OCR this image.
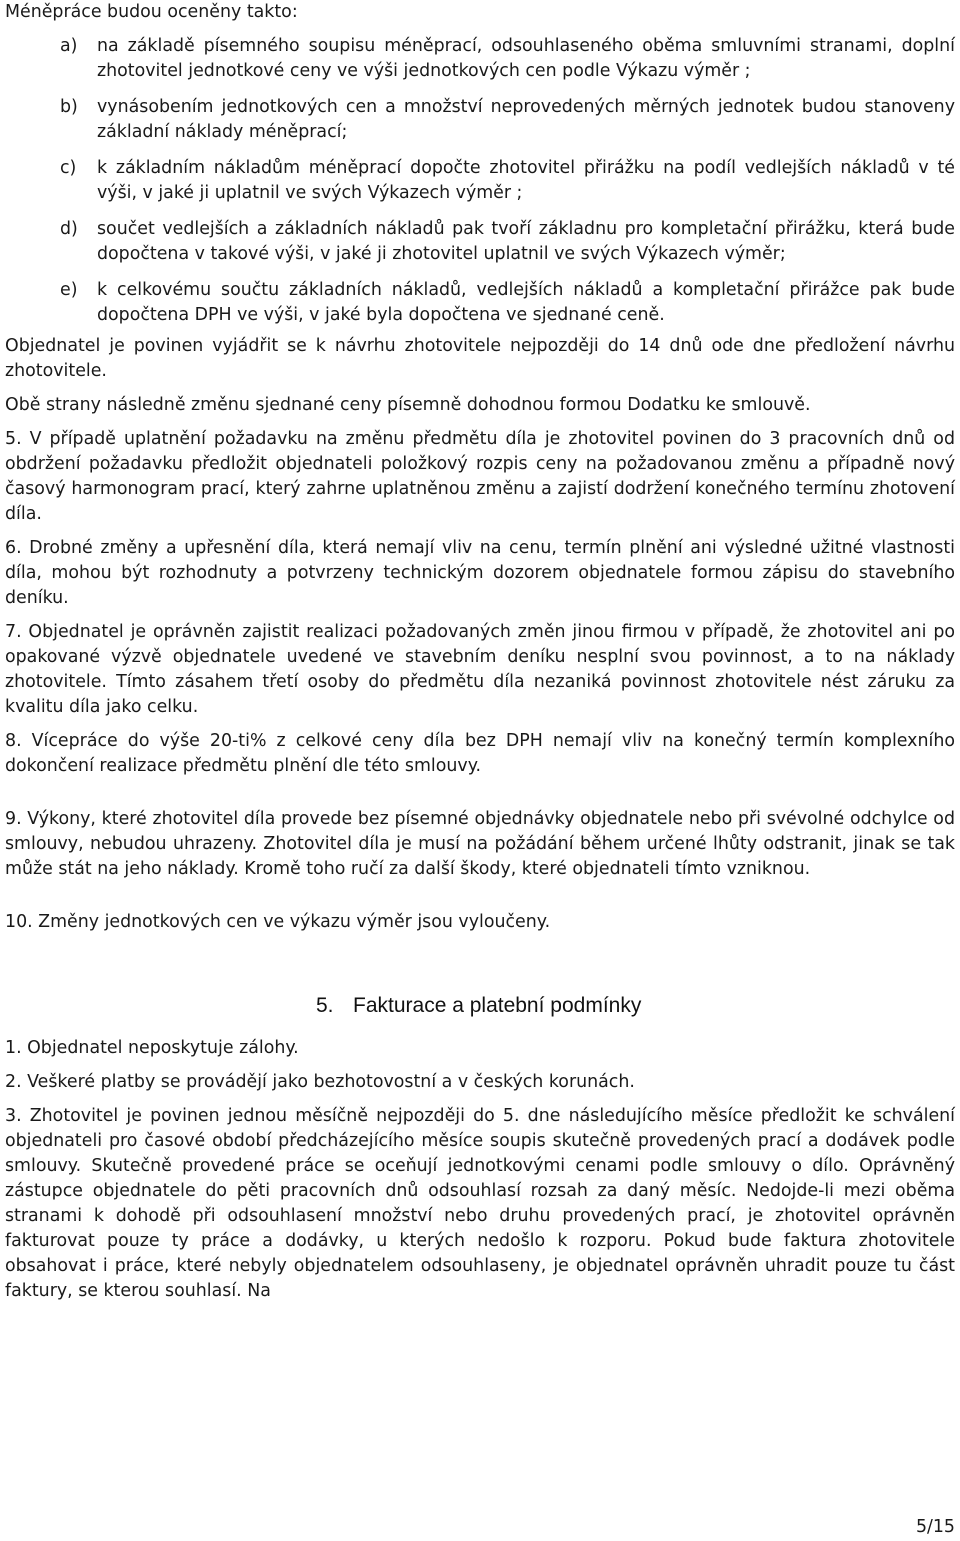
Méněpráce budou oceněny takto:

a)	na základě písemného soupisu méněprací, odsouhlaseného oběma smluvními stranami, doplní zhotovitel jednotkové ceny ve výši jednotkových cen podle Výkazu výměr ;
b)	vynásobením jednotkových cen a množství neprovedených měrných jednotek budou stanoveny základní náklady méněprací;
c)	k základním nákladům méněprací dopočte zhotovitel přirážku na podíl vedlejších nákladů v té výši, v jaké ji uplatnil ve svých Výkazech výměr ;
d)	součet vedlejších a základních nákladů pak tvoří základnu pro kompletační přirážku, která bude dopočtena v takové výši, v jaké ji zhotovitel uplatnil ve svých Výkazech výměr;
e)	k celkovému součtu základních nákladů, vedlejších nákladů a kompletační přirážce pak bude dopočtena DPH ve výši, v jaké byla dopočtena ve sjednané ceně.

Objednatel je povinen vyjádřit se k návrhu zhotovitele nejpozději do 14 dnů ode dne předložení návrhu zhotovitele.

Obě strany následně změnu sjednané ceny písemně dohodnou formou Dodatku ke smlouvě.

5. V případě uplatnění požadavku na změnu předmětu díla je zhotovitel povinen do 3 pracovních dnů od obdržení požadavku předložit objednateli položkový rozpis ceny na požadovanou změnu a případně nový časový harmonogram prací, který zahrne uplatněnou změnu a zajistí dodržení konečného termínu zhotovení díla.

6. Drobné změny a upřesnění díla, která nemají vliv na cenu, termín plnění ani výsledné užitné vlastnosti díla, mohou být rozhodnuty a potvrzeny technickým dozorem objednatele formou zápisu do stavebního deníku.

7. Objednatel je oprávněn zajistit realizaci požadovaných změn jinou firmou v případě, že zhotovitel ani po opakované výzvě objednatele uvedené ve stavebním deníku nesplní svou povinnost, a to na náklady zhotovitele. Tímto zásahem třetí osoby do předmětu díla nezaniká povinnost zhotovitele nést záruku za kvalitu díla jako celku.

8. Vícepráce do výše 20-ti% z celkové ceny díla bez DPH nemají vliv na konečný termín komplexního dokončení realizace předmětu plnění dle této smlouvy.

9. Výkony, které zhotovitel díla provede bez písemné objednávky objednatele nebo při svévolné odchylce od smlouvy, nebudou uhrazeny. Zhotovitel díla je musí na požádání během určené lhůty odstranit, jinak se tak může stát na jeho náklady. Kromě toho ručí za další škody, které objednateli tímto vzniknou.

10. Změny jednotkových cen ve výkazu výměr jsou vyloučeny.

5. Fakturace a platební podmínky

1. Objednatel neposkytuje zálohy.

2. Veškeré platby se provádějí jako bezhotovostní a v českých korunách.

3. Zhotovitel je povinen jednou měsíčně nejpozději do 5. dne následujícího měsíce předložit ke schválení objednateli pro časové období předcházejícího měsíce soupis skutečně provedených prací a dodávek podle smlouvy. Skutečně provedené práce se oceňují jednotkovými cenami podle smlouvy o dílo. Oprávněný zástupce objednatele do pěti pracovních dnů odsouhlasí rozsah za daný měsíc. Nedojde-li mezi oběma stranami k dohodě při odsouhlasení množství nebo druhu provedených prací, je zhotovitel oprávněn fakturovat pouze ty práce a dodávky, u kterých nedošlo k rozporu. Pokud bude faktura zhotovitele obsahovat i práce, které nebyly objednatelem odsouhlaseny, je objednatel oprávněn uhradit pouze tu část faktury, se kterou souhlasí. Na

5/15
